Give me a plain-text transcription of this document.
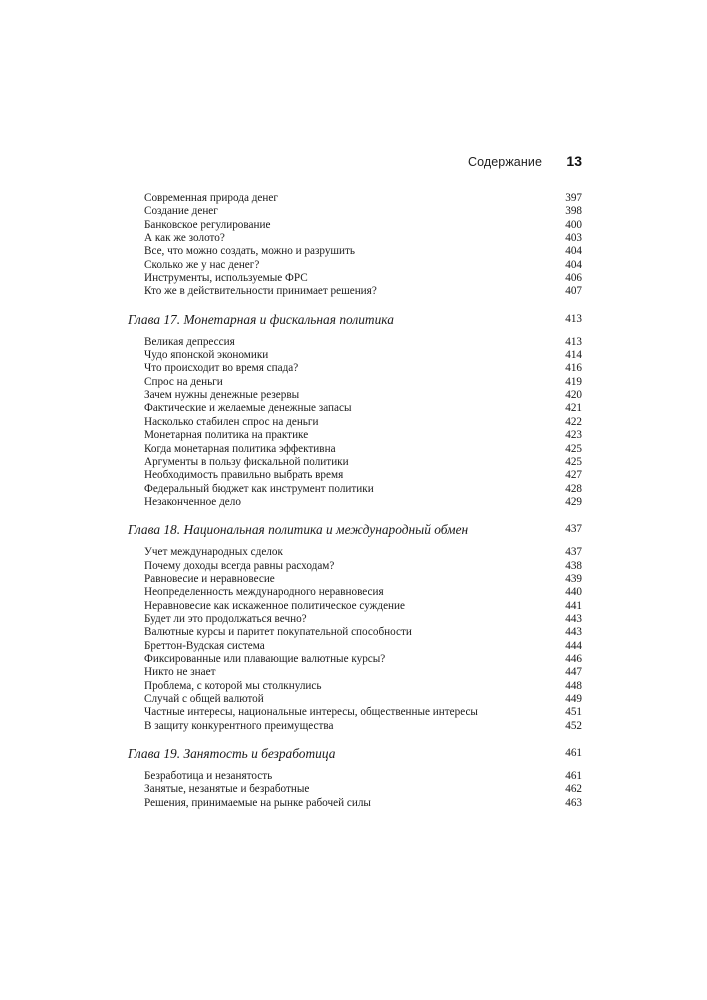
Содержание 13
Современная природа денег	397
Создание денег	398
Банковское регулирование	400
А как же золото?	403
Все, что можно создать, можно и разрушить	404
Сколько же у нас денег?	404
Инструменты, используемые ФРС	406
Кто же в действительности принимает решения?	407
Глава 17. Монетарная и фискальная политика	413
Великая депрессия	413
Чудо японской экономики	414
Что происходит во время спада?	416
Спрос на деньги	419
Зачем нужны денежные резервы	420
Фактические и желаемые денежные запасы	421
Насколько стабилен спрос на деньги	422
Монетарная политика на практике	423
Когда монетарная политика эффективна	425
Аргументы в пользу фискальной политики	425
Необходимость правильно выбрать время	427
Федеральный бюджет как инструмент политики	428
Незаконченное дело	429
Глава 18. Национальная политика и международный обмен	437
Учет международных сделок	437
Почему доходы всегда равны расходам?	438
Равновесие и неравновесие	439
Неопределенность международного неравновесия	440
Неравновесие как искаженное политическое суждение	441
Будет ли это продолжаться вечно?	443
Валютные курсы и паритет покупательной способности	443
Бреттон-Вудская система	444
Фиксированные или плавающие валютные курсы?	446
Никто не знает	447
Проблема, с которой мы столкнулись	448
Случай с общей валютой	449
Частные интересы, национальные интересы, общественные интересы	451
В защиту конкурентного преимущества	452
Глава 19. Занятость и безработица	461
Безработица и незанятость	461
Занятые, незанятые и безработные	462
Решения, принимаемые на рынке рабочей силы	463
